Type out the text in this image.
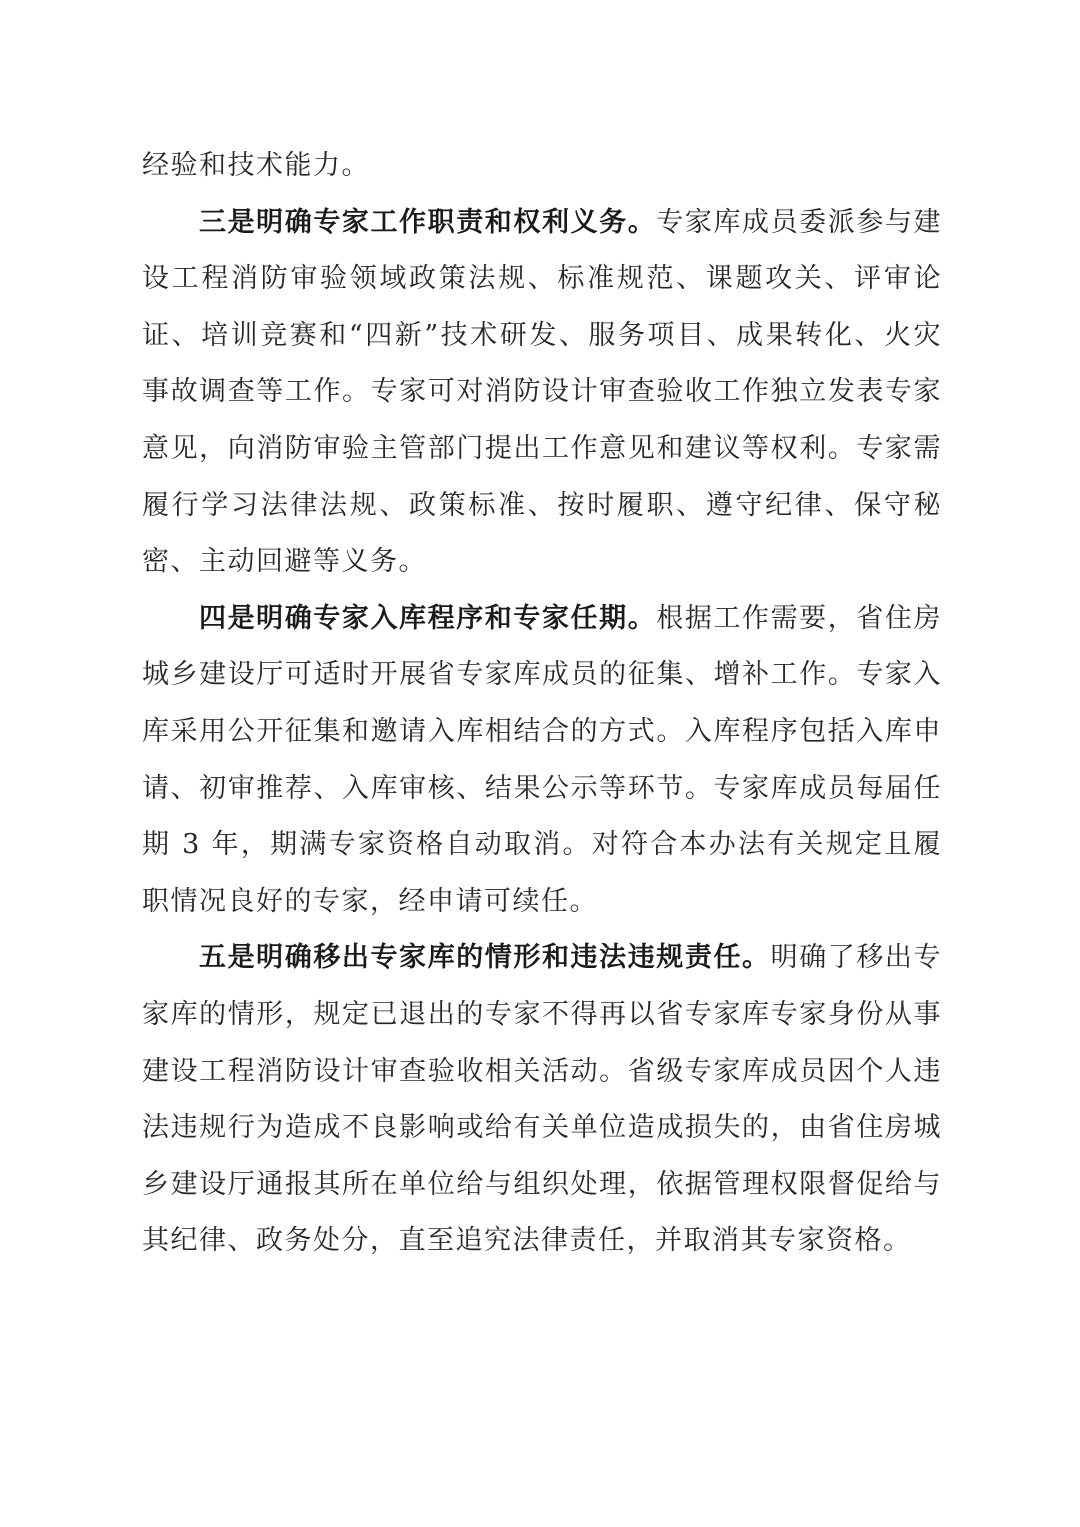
经验和技术能力。

三是明确专家工作职责和权利义务。专家库成员委派参与建设工程消防审验领域政策法规、标准规范、课题攻关、评审论证、培训竞赛和“四新”技术研发、服务项目、成果转化、火灾事故调查等工作。专家可对消防设计审查验收工作独立发表专家意见，向消防审验主管部门提出工作意见和建议等权利。专家需履行学习法律法规、政策标准、按时履职、遵守纪律、保守秘密、主动回避等义务。

四是明确专家入库程序和专家任期。根据工作需要，省住房城乡建设厅可适时开展省专家库成员的征集、增补工作。专家入库采用公开征集和邀请入库相结合的方式。入库程序包括入库申请、初审推荐、入库审核、结果公示等环节。专家库成员每届任期 3 年，期满专家资格自动取消。对符合本办法有关规定且履职情况良好的专家，经申请可续任。

五是明确移出专家库的情形和违法违规责任。明确了移出专家库的情形，规定已退出的专家不得再以省专家库专家身份从事建设工程消防设计审查验收相关活动。省级专家库成员因个人违法违规行为造成不良影响或给有关单位造成损失的，由省住房城乡建设厅通报其所在单位给与组织处理，依据管理权限督促给与其纪律、政务处分，直至追究法律责任，并取消其专家资格。
